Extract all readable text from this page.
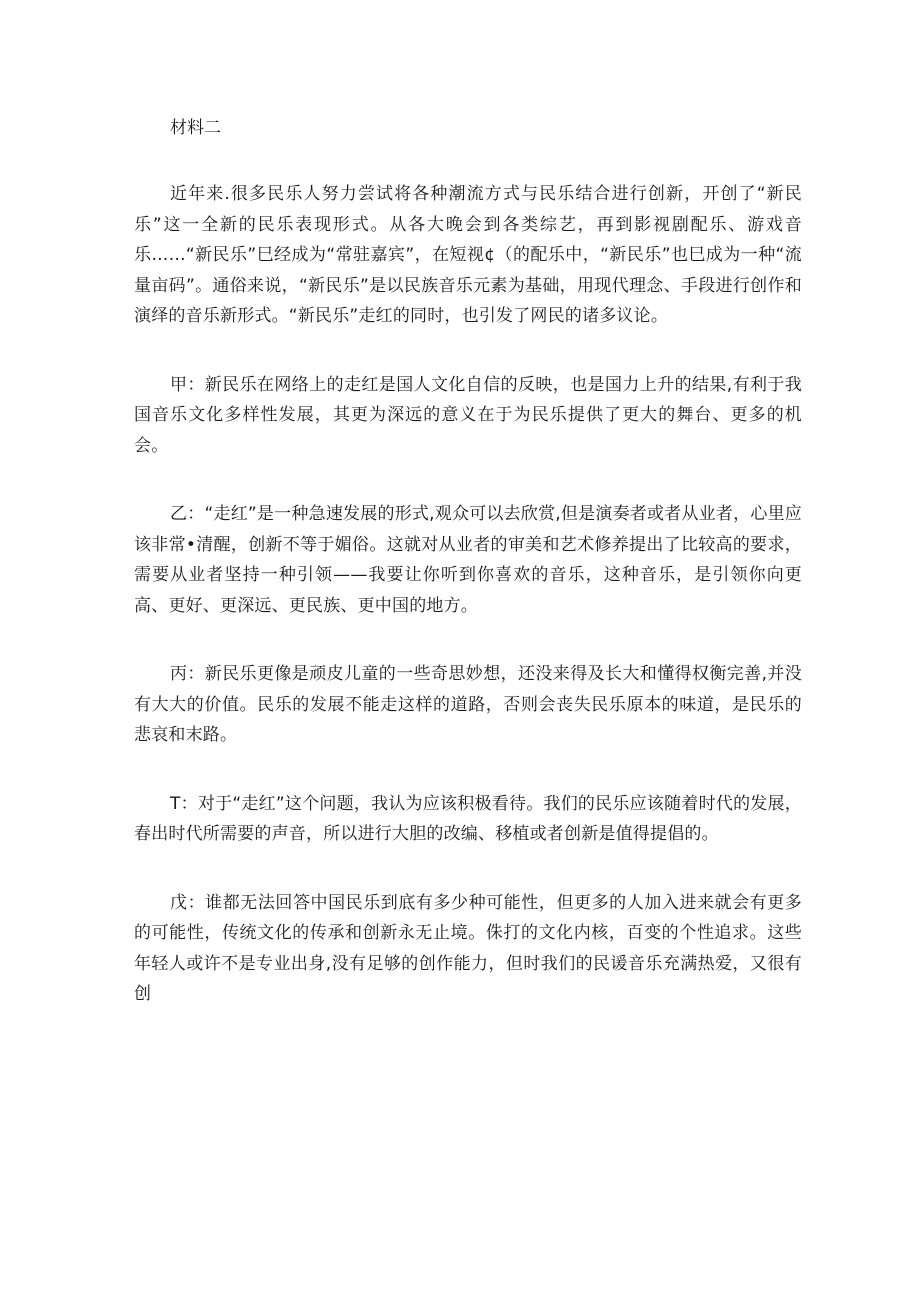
材料二

近年来.很多民乐人努力尝试将各种潮流方式与民乐结合进行创新，开创了“新民乐”这一全新的民乐表现形式。从各大晚会到各类综艺，再到影视剧配乐、游戏音乐……“新民乐”巳经成为“常驻嘉宾”，在短视¢（的配乐中，“新民乐”也巳成为一种“流量亩码”。通俗来说，“新民乐”是以民族音乐元素为基础，用现代理念、手段进行创作和演绎的音乐新形式。“新民乐”走红的同时，也引发了网民的诸多议论。

甲：新民乐在网络上的走红是国人文化自信的反映，也是国力上升的结果,有利于我国音乐文化多样性发展，其更为深远的意义在于为民乐提供了更大的舞台、更多的机会。

乙：“走红”是一种急速发展的形式,观众可以去欣赏,但是演奏者或者从业者，心里应该非常•清醒，创新不等于媚俗。这就对从业者的审美和艺术修养提出了比较高的要求，需要从业者坚持一种引领——我要让你听到你喜欢的音乐，这种音乐，是引领你向更高、更好、更深远、更民族、更中国的地方。

丙：新民乐更像是顽皮儿童的一些奇思妙想，还没来得及长大和懂得权衡完善,并没有大大的价值。民乐的发展不能走这样的道路，否则会丧失民乐原本的味道，是民乐的悲哀和末路。

T：对于“走红”这个问题，我认为应该积极看待。我们的民乐应该随着时代的发展，春出时代所需要的声音，所以进行大胆的改编、移植或者创新是值得提倡的。

戊：谁都无法回答中国民乐到底有多少种可能性，但更多的人加入进来就会有更多的可能性，传统文化的传承和创新永无止境。侏打的文化内核，百变的个性追求。这些年轻人或许不是专业出身,没有足够的创作能力，但时我们的民谖音乐充满热爱，又很有创
